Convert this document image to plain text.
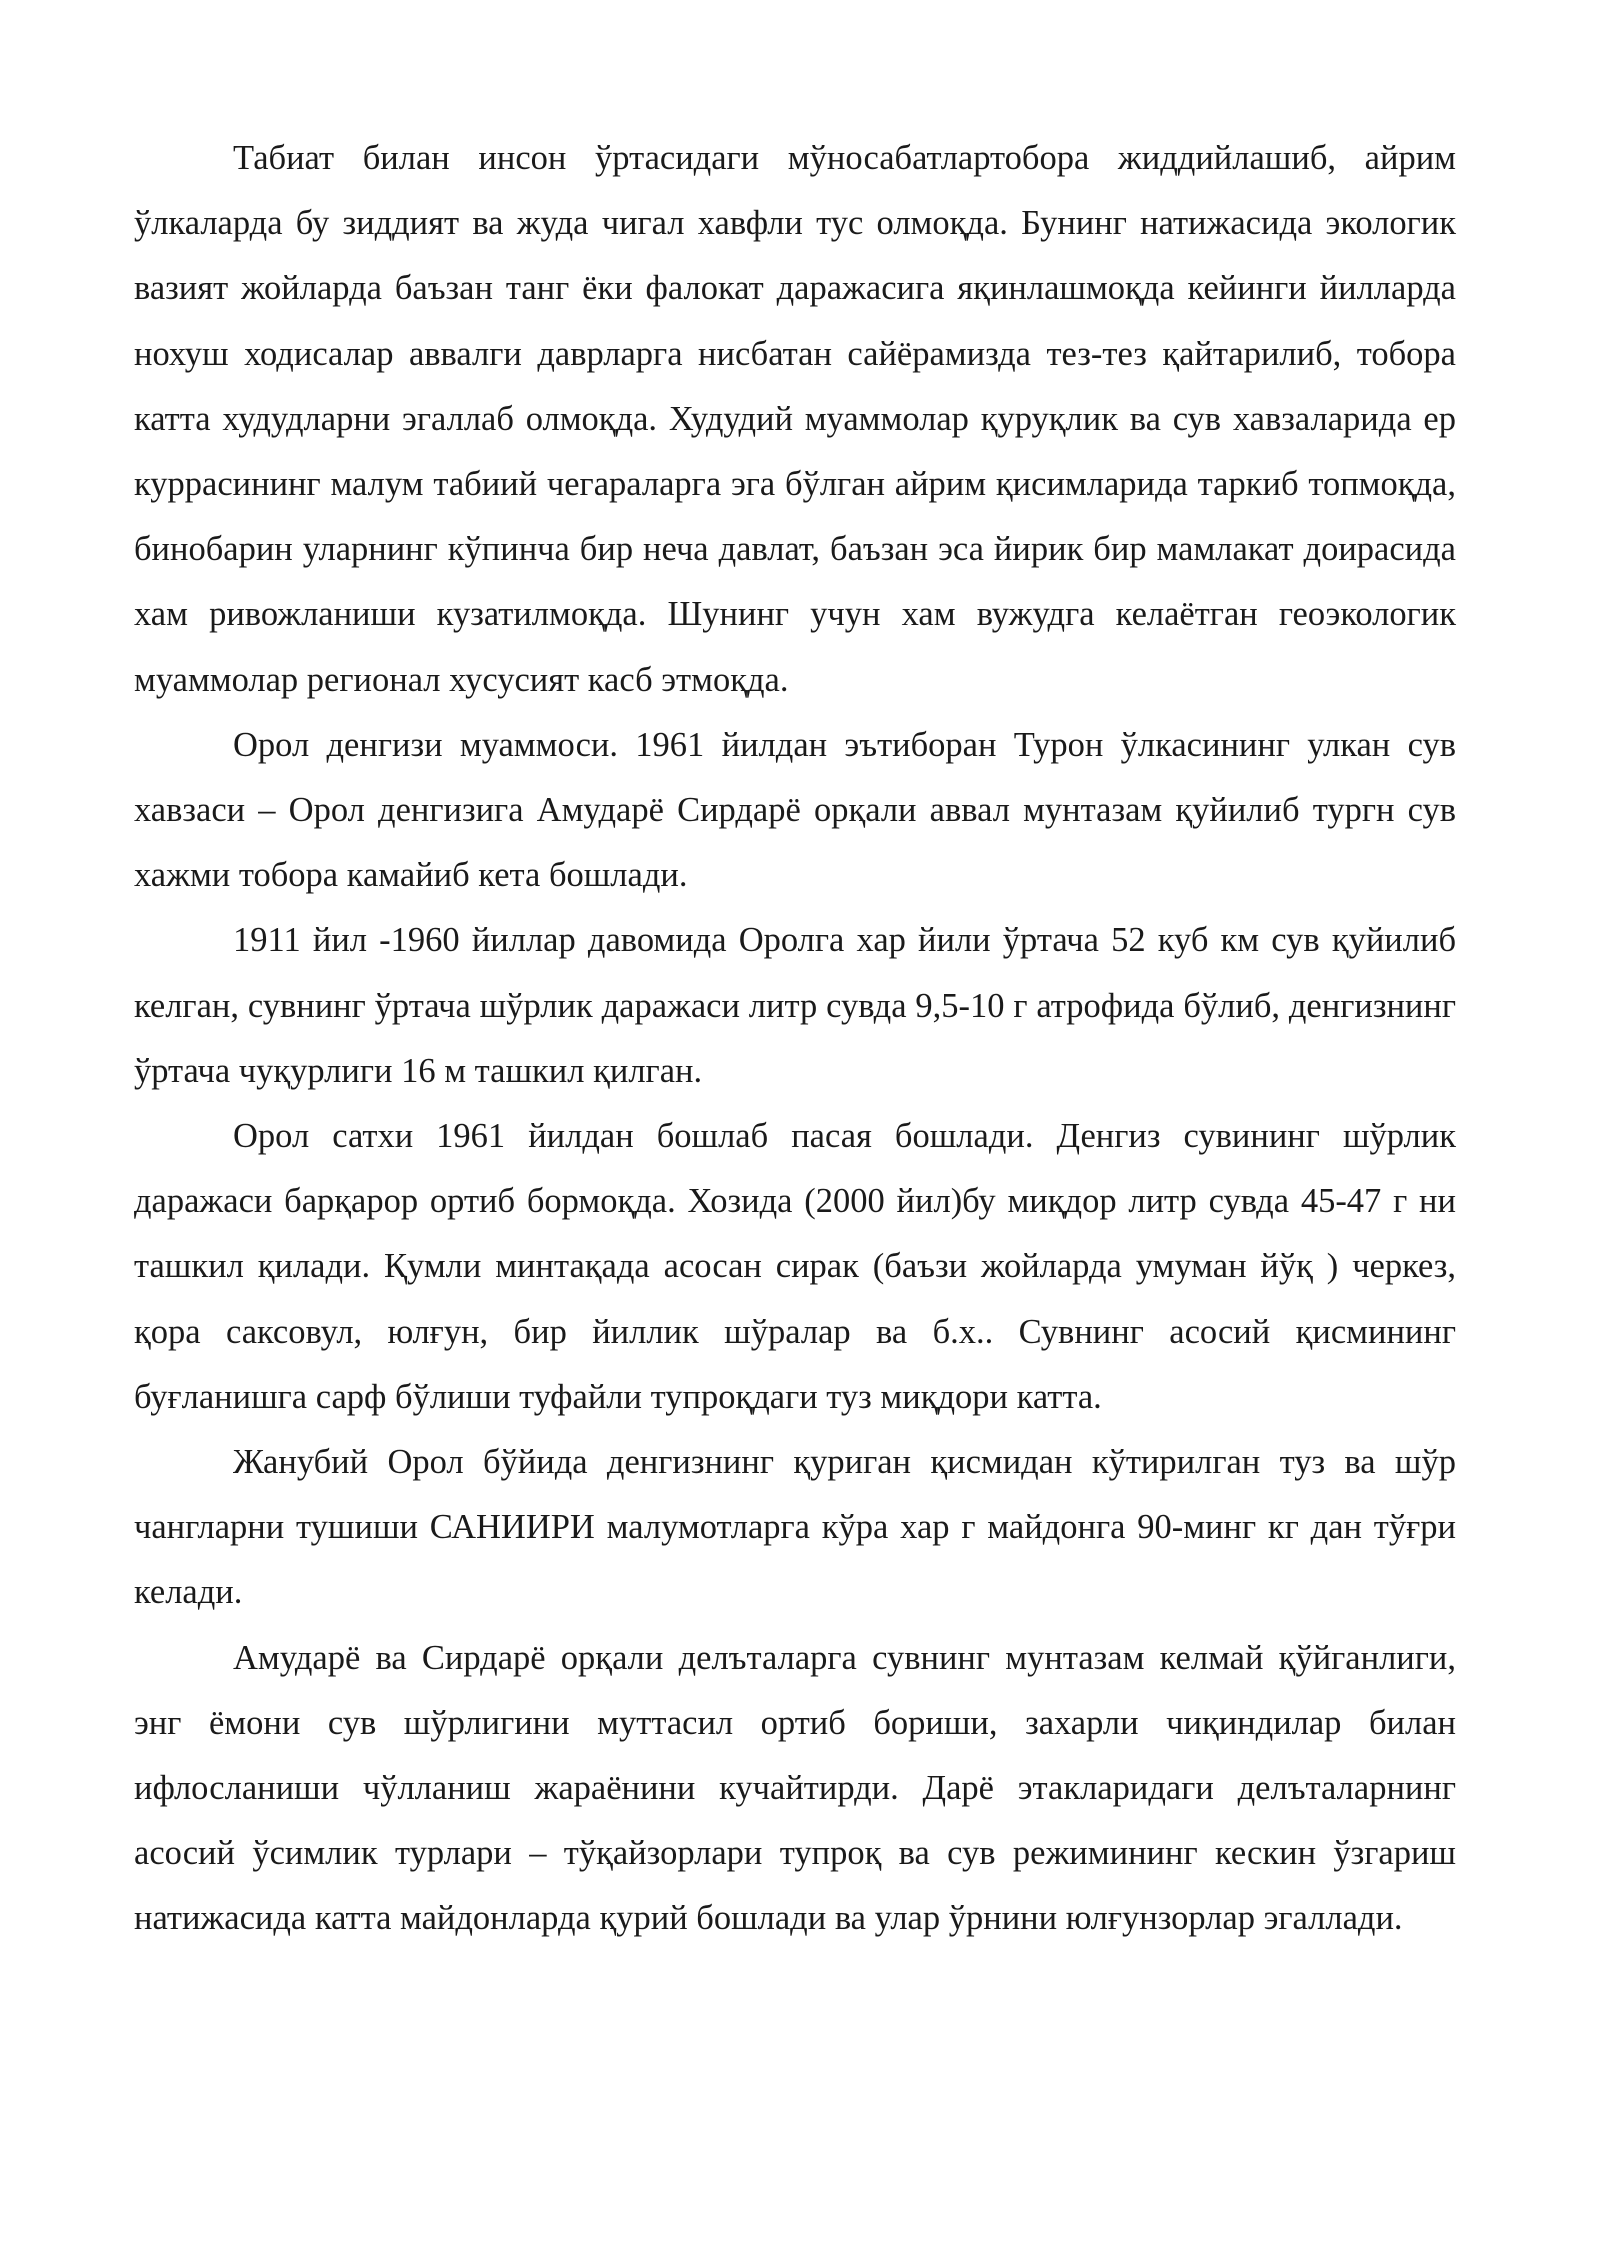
Табиат билан инсон ўртасидаги мўносабатлартобора жиддийлашиб, айрим ўлкаларда бу зиддият ва жуда чигал хавфли тус олмоқда. Бунинг натижасида экологик вазият жойларда баъзан танг ёки фалокат даражасига яқинлашмоқда кейинги йилларда нохуш ходисалар аввалги даврларга нисбатан сайёрамизда тез-тез қайтарилиб, тобора катта худудларни эгаллаб олмоқда. Худудий муаммолар қуруқлик ва сув хавзаларида ер куррасининг малум табиий чегараларга эга бўлган айрим қисимларида таркиб топмоқда, бинобарин уларнинг кўпинча бир неча давлат, баъзан эса йирик бир мамлакат доирасида хам ривожланиши кузатилмоқда. Шунинг учун хам вужудга келаётган геоэкологик муаммолар регионал хусусият касб этмоқда.

Орол денгизи муаммоси. 1961 йилдан эътиборан Турон ўлкасининг улкан сув хавзаси – Орол денгизига Амударё Сирдарё орқали аввал мунтазам қуйилиб тургн сув хажми тобора камайиб кета бошлади.

1911 йил -1960 йиллар давомида Оролга хар йили ўртача 52 куб км сув қуйилиб келган, сувнинг ўртача шўрлик даражаси литр сувда 9,5-10 г атрофида бўлиб, денгизнинг ўртача чуқурлиги 16 м ташкил қилган.

Орол сатхи 1961 йилдан бошлаб пасая бошлади. Денгиз сувининг шўрлик даражаси барқарор ортиб бормоқда. Хозида (2000 йил)бу миқдор литр сувда 45-47 г ни ташкил қилади. Қумли минтақада асосан сирак (баъзи жойларда умуман йўқ ) черкез, қора саксовул, юлғун, бир йиллик шўралар ва б.х.. Сувнинг асосий қисмининг буғланишга сарф бўлиши туфайли тупроқдаги туз миқдори катта.

Жанубий Орол бўйида денгизнинг қуриган қисмидан кўтирилган туз ва шўр чангларни тушиши САНИИРИ малумотларга кўра хар г майдонга 90-минг кг дан тўғри келади.

Амударё ва Сирдарё орқали делъталарга сувнинг мунтазам келмай қўйганлиги, энг ёмони сув шўрлигини муттасил ортиб бориши, захарли чиқиндилар билан ифлосланиши чўлланиш жараёнини кучайтирди. Дарё этакларидаги делъталарнинг асосий ўсимлик турлари – тўқайзорлари тупроқ ва сув режимининг кескин ўзгариш натижасида катта майдонларда қурий бошлади ва улар ўрнини юлғунзорлар эгаллади.
